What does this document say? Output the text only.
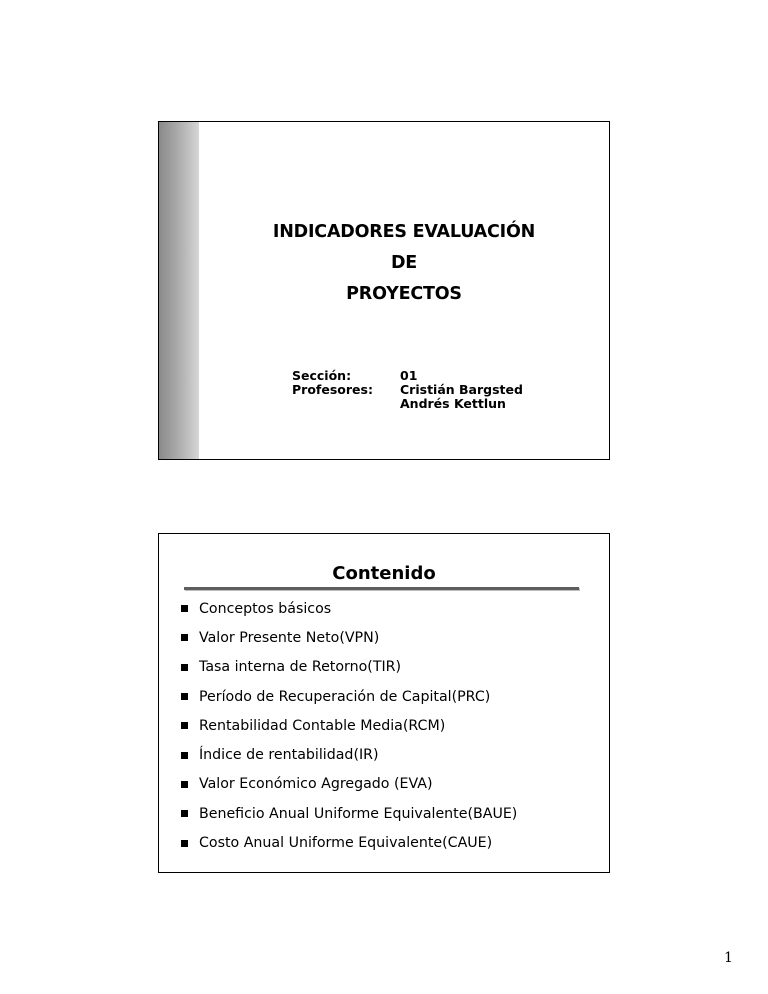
INDICADORES EVALUACIÓN
DE
PROYECTOS
Sección:	01
Profesores:	Cristián Bargsted
Andrés Kettlun
Contenido
Conceptos básicos
Valor Presente Neto(VPN)
Tasa interna de Retorno(TIR)
Período de Recuperación de Capital(PRC)
Rentabilidad Contable Media(RCM)
Índice de rentabilidad(IR)
Valor Económico Agregado (EVA)
Beneficio Anual Uniforme Equivalente(BAUE)
Costo Anual Uniforme Equivalente(CAUE)
1
